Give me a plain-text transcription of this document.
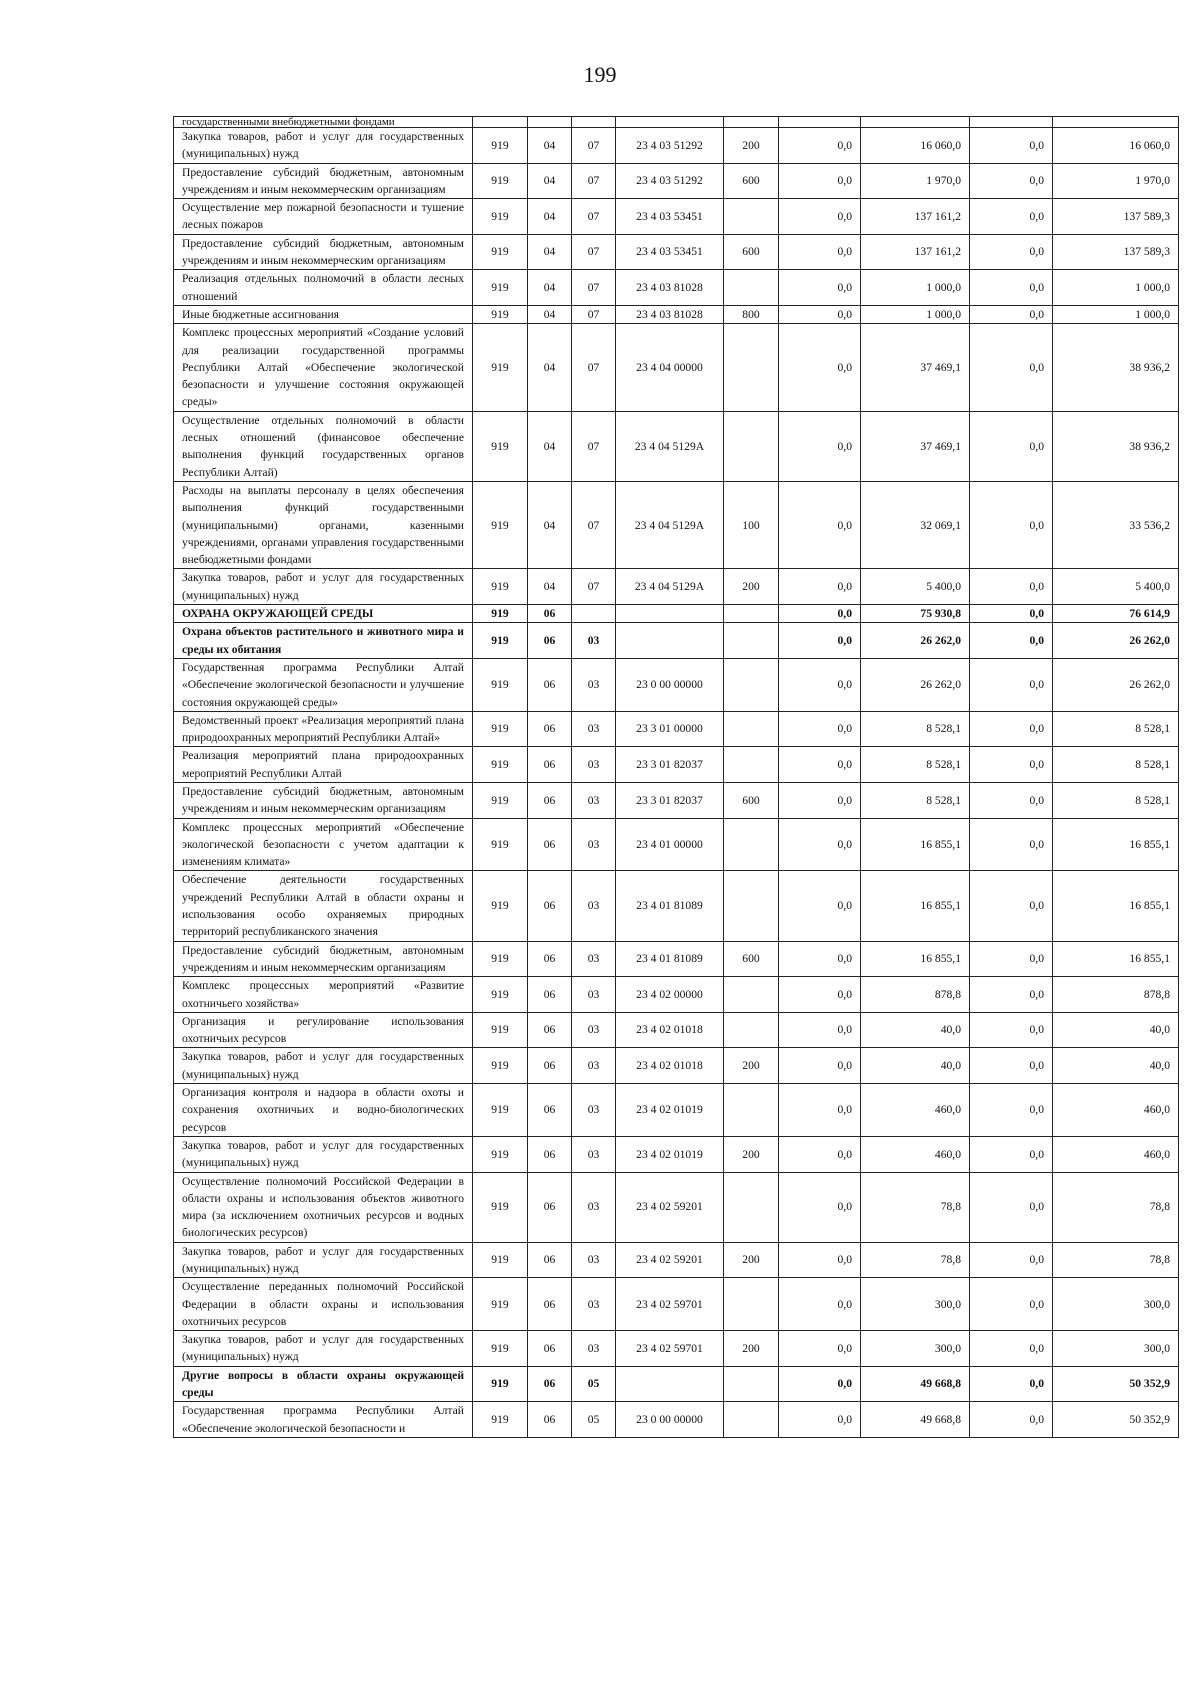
199
государственными внебюджетными фондами									
Закупка товаров, работ и услуг для государственных (муниципальных) нужд	919	04	07	23 4 03 51292	200	0,0	16 060,0	0,0	16 060,0
Предоставление субсидий бюджетным, автономным учреждениям и иным некоммерческим организациям	919	04	07	23 4 03 51292	600	0,0	1 970,0	0,0	1 970,0
Осуществление мер пожарной безопасности и тушение лесных пожаров	919	04	07	23 4 03 53451		0,0	137 161,2	0,0	137 589,3
Предоставление субсидий бюджетным, автономным учреждениям и иным некоммерческим организациям	919	04	07	23 4 03 53451	600	0,0	137 161,2	0,0	137 589,3
Реализация отдельных полномочий в области лесных отношений	919	04	07	23 4 03 81028		0,0	1 000,0	0,0	1 000,0
Иные бюджетные ассигнования	919	04	07	23 4 03 81028	800	0,0	1 000,0	0,0	1 000,0
Комплекс процессных мероприятий «Создание условий для реализации государственной программы Республики Алтай «Обеспечение экологической безопасности и улучшение состояния окружающей среды»	919	04	07	23 4 04 00000		0,0	37 469,1	0,0	38 936,2
Осуществление отдельных полномочий в области лесных отношений (финансовое обеспечение выполнения функций государственных органов Республики Алтай)	919	04	07	23 4 04 5129А		0,0	37 469,1	0,0	38 936,2
Расходы на выплаты персоналу в целях обеспечения выполнения функций государственными (муниципальными) органами, казенными учреждениями, органами управления государственными внебюджетными фондами	919	04	07	23 4 04 5129А	100	0,0	32 069,1	0,0	33 536,2
Закупка товаров, работ и услуг для государственных (муниципальных) нужд	919	04	07	23 4 04 5129А	200	0,0	5 400,0	0,0	5 400,0
ОХРАНА ОКРУЖАЮЩЕЙ СРЕДЫ	919	06				0,0	75 930,8	0,0	76 614,9
Охрана объектов растительного и животного мира и среды их обитания	919	06	03			0,0	26 262,0	0,0	26 262,0
Государственная программа Республики Алтай «Обеспечение экологической безопасности и улучшение состояния окружающей среды»	919	06	03	23 0 00 00000		0,0	26 262,0	0,0	26 262,0
Ведомственный проект «Реализация мероприятий плана природоохранных мероприятий Республики Алтай»	919	06	03	23 3 01 00000		0,0	8 528,1	0,0	8 528,1
Реализация мероприятий плана природоохранных мероприятий Республики Алтай	919	06	03	23 3 01 82037		0,0	8 528,1	0,0	8 528,1
Предоставление субсидий бюджетным, автономным учреждениям и иным некоммерческим организациям	919	06	03	23 3 01 82037	600	0,0	8 528,1	0,0	8 528,1
Комплекс процессных мероприятий «Обеспечение экологической безопасности с учетом адаптации к изменениям климата»	919	06	03	23 4 01 00000		0,0	16 855,1	0,0	16 855,1
Обеспечение деятельности государственных учреждений Республики Алтай в области охраны и использования особо охраняемых природных территорий республиканского значения	919	06	03	23 4 01 81089		0,0	16 855,1	0,0	16 855,1
Предоставление субсидий бюджетным, автономным учреждениям и иным некоммерческим организациям	919	06	03	23 4 01 81089	600	0,0	16 855,1	0,0	16 855,1
Комплекс процессных мероприятий «Развитие охотничьего хозяйства»	919	06	03	23 4 02 00000		0,0	878,8	0,0	878,8
Организация и регулирование использования охотничьих ресурсов	919	06	03	23 4 02 01018		0,0	40,0	0,0	40,0
Закупка товаров, работ и услуг для государственных (муниципальных) нужд	919	06	03	23 4 02 01018	200	0,0	40,0	0,0	40,0
Организация контроля и надзора в области охоты и сохранения охотничьих и водно-биологических ресурсов	919	06	03	23 4 02 01019		0,0	460,0	0,0	460,0
Закупка товаров, работ и услуг для государственных (муниципальных) нужд	919	06	03	23 4 02 01019	200	0,0	460,0	0,0	460,0
Осуществление полномочий Российской Федерации в области охраны и использования объектов животного мира (за исключением охотничьих ресурсов и водных биологических ресурсов)	919	06	03	23 4 02 59201		0,0	78,8	0,0	78,8
Закупка товаров, работ и услуг для государственных (муниципальных) нужд	919	06	03	23 4 02 59201	200	0,0	78,8	0,0	78,8
Осуществление переданных полномочий Российской Федерации в области охраны и использования охотничьих ресурсов	919	06	03	23 4 02 59701		0,0	300,0	0,0	300,0
Закупка товаров, работ и услуг для государственных (муниципальных) нужд	919	06	03	23 4 02 59701	200	0,0	300,0	0,0	300,0
Другие вопросы в области охраны окружающей среды	919	06	05			0,0	49 668,8	0,0	50 352,9
Государственная программа Республики Алтай «Обеспечение экологической безопасности и	919	06	05	23 0 00 00000		0,0	49 668,8	0,0	50 352,9
